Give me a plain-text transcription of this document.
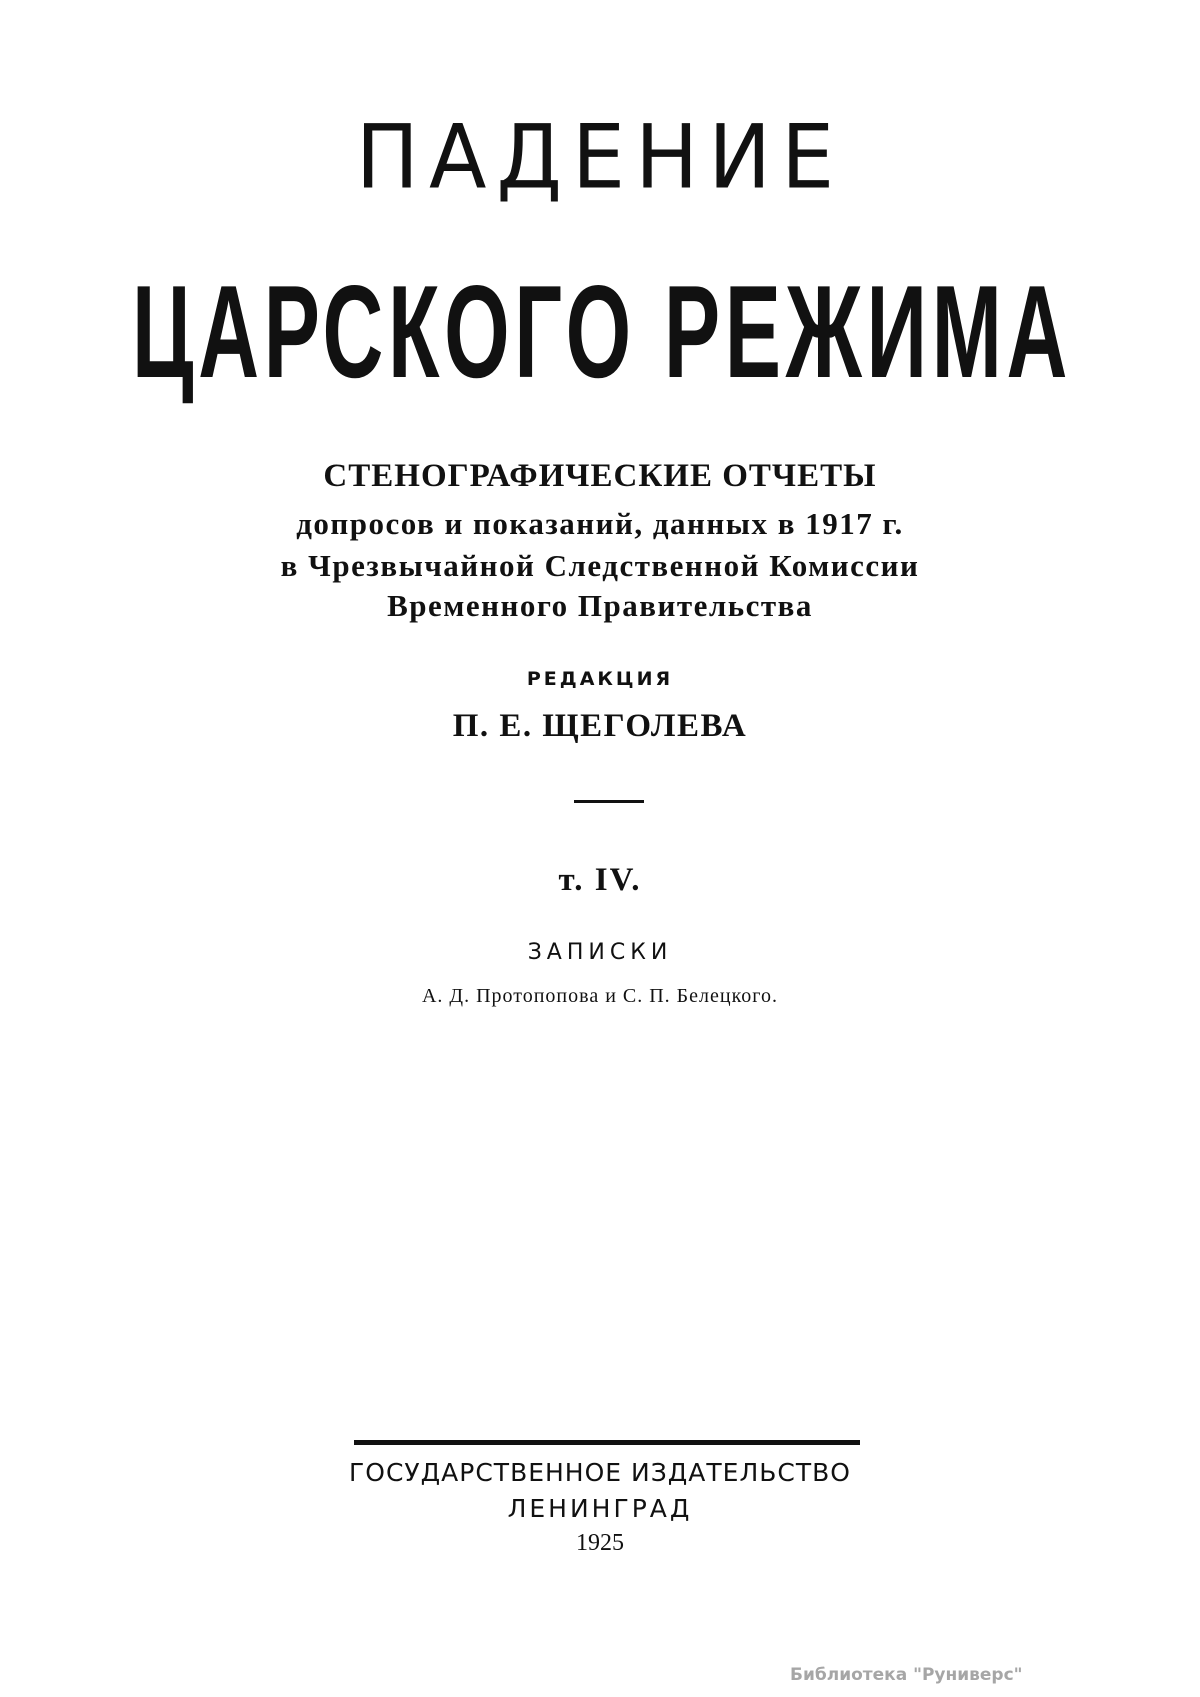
ПАДЕНИЕ
ЦАРСКОГО РЕЖИМА
СТЕНОГРАФИЧЕСКИЕ ОТЧЕТЫ
допросов и показаний, данных в 1917 г.
в Чрезвычайной Следственной Комиссии
Временного Правительства
РЕДАКЦИЯ
П. Е. ЩЕГОЛЕВА
т. IV.
ЗАПИСКИ
А. Д. Протопопова и С. П. Белецкого.
ГОСУДАРСТВЕННОЕ ИЗДАТЕЛЬСТВО
ЛЕНИНГРАД
1925
Библиотека "Руниверс"
